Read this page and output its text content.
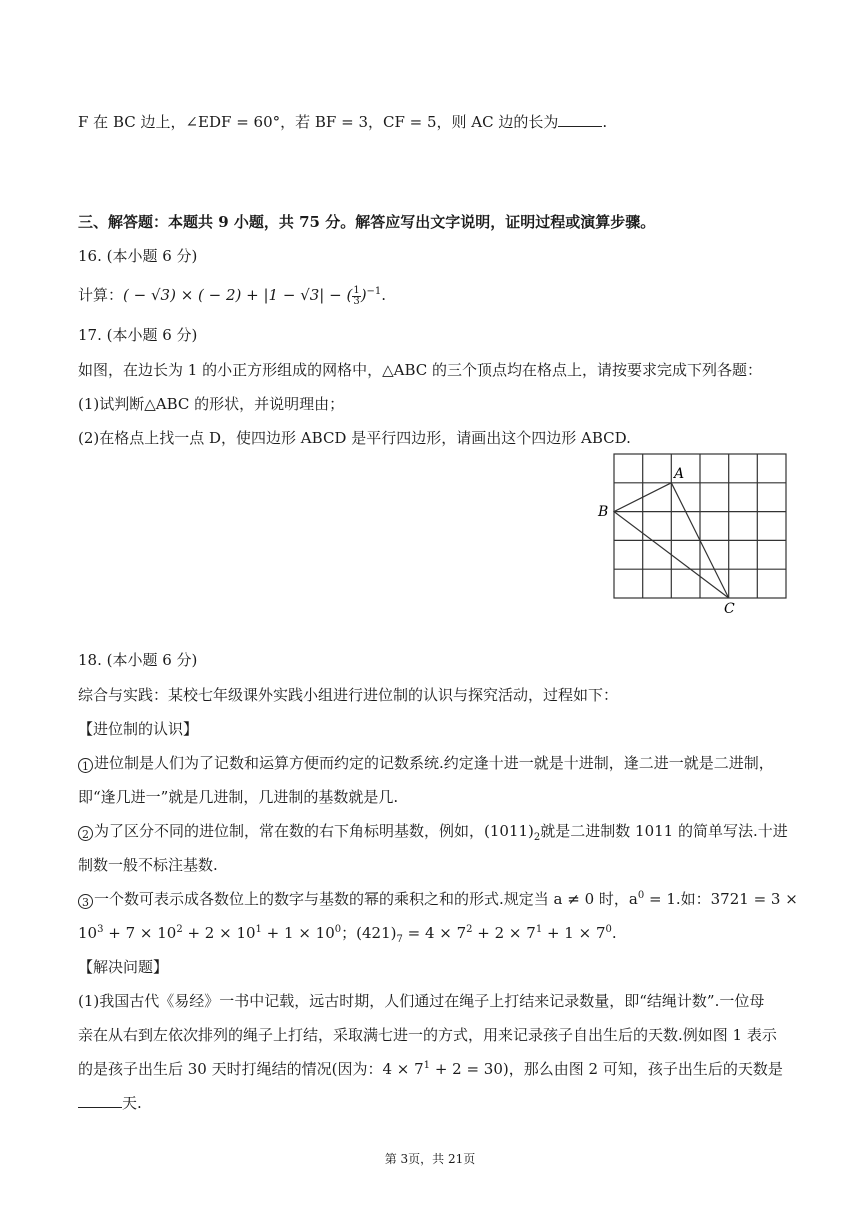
F 在 BC 边上，∠EDF = 60°，若 BF = 3，CF = 5，则 AC 边的长为	.
三、解答题：本题共 9 小题，共 75 分。解答应写出文字说明，证明过程或演算步骤。
16. (本小题 6 分)
计算：( − √3) × ( − 2) + |1 − √3| − ( $\frac{1}{3} )^{-1}$.
17. (本小题 6 分)
如图，在边长为 1 的小正方形组成的网格中，△ABC 的三个顶点均在格点上，请按要求完成下列各题：
(1)试判断△ABC 的形状，并说明理由；
(2)在格点上找一点 D，使四边形 ABCD 是平行四边形，请画出这个四边形 ABCD.
A
B
C
18. (本小题 6 分)
综合与实践：某校七年级课外实践小组进行进位制的认识与探究活动，过程如下：
【进位制的认识】
1 进位制是人们为了记数和运算方便而约定的记数系统.约定逢十进一就是十进制，逢二进一就是二进制，
即“逢几进一”就是几进制，几进制的基数就是几.
2 为了区分不同的进位制，常在数的右下角标明基数，例如，$(1011)_2$就是二进制数 1011 的简单写法.十进
制数一般不标注基数.
3 一个数可表示成各数位上的数字与基数的幂的乘积之和的形式.规定当 a ≠ 0 时，$a^0 = 1$.如：3721 = 3 ×
$10^3 + 7 \times 10^2 + 2 \times 10^1 + 1 \times 10^0$；$(421)_7 = 4 \times 7^2 + 2 \times 7^1 + 1 \times 7^0$.
【解决问题】
(1)我国古代《易经》一书中记载，远古时期，人们通过在绳子上打结来记录数量，即“结绳计数”.一位母
亲在从右到左依次排列的绳子上打结，采取满七进一的方式，用来记录孩子自出生后的天数.例如图 1 表示
的是孩子出生后 30 天时打绳结的情况(因为：$4 \times 7^1 + 2 = 30$)，那么由图 2 可知，孩子出生后的天数是
天.
第 3页，共 21页
